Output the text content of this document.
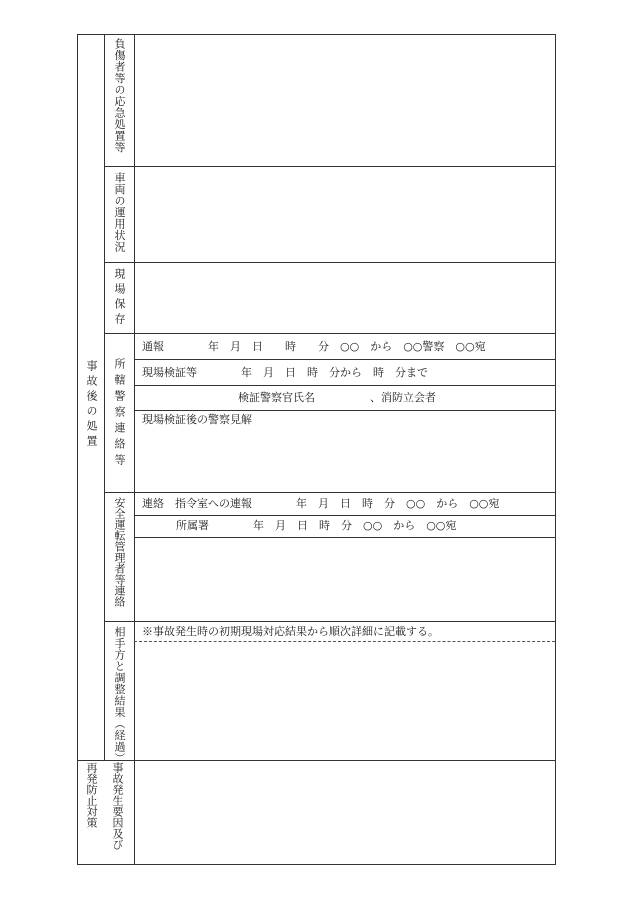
事故後の処置
再発防止対策
負傷者等の応急処置等
車両の運用状況
現場保存
所轄警察連絡等
安全運転管理者等連絡
相手方と調整結果（経過）
事故発生要因及び
通報　　　　年　月　日　　時　　分　○○　から　○○警察　○○宛
現場検証等　　　　年　月　日　時　分から　時　分まで
検証警察官氏名　　　　　、消防立会者
現場検証後の警察見解
連絡　指令室への連報　　　　年　月　日　時　分　○○　から　○○宛
所属署　　　　年　月　日　時　分　○○　から　○○宛
※事故発生時の初期現場対応結果から順次詳細に記載する。
